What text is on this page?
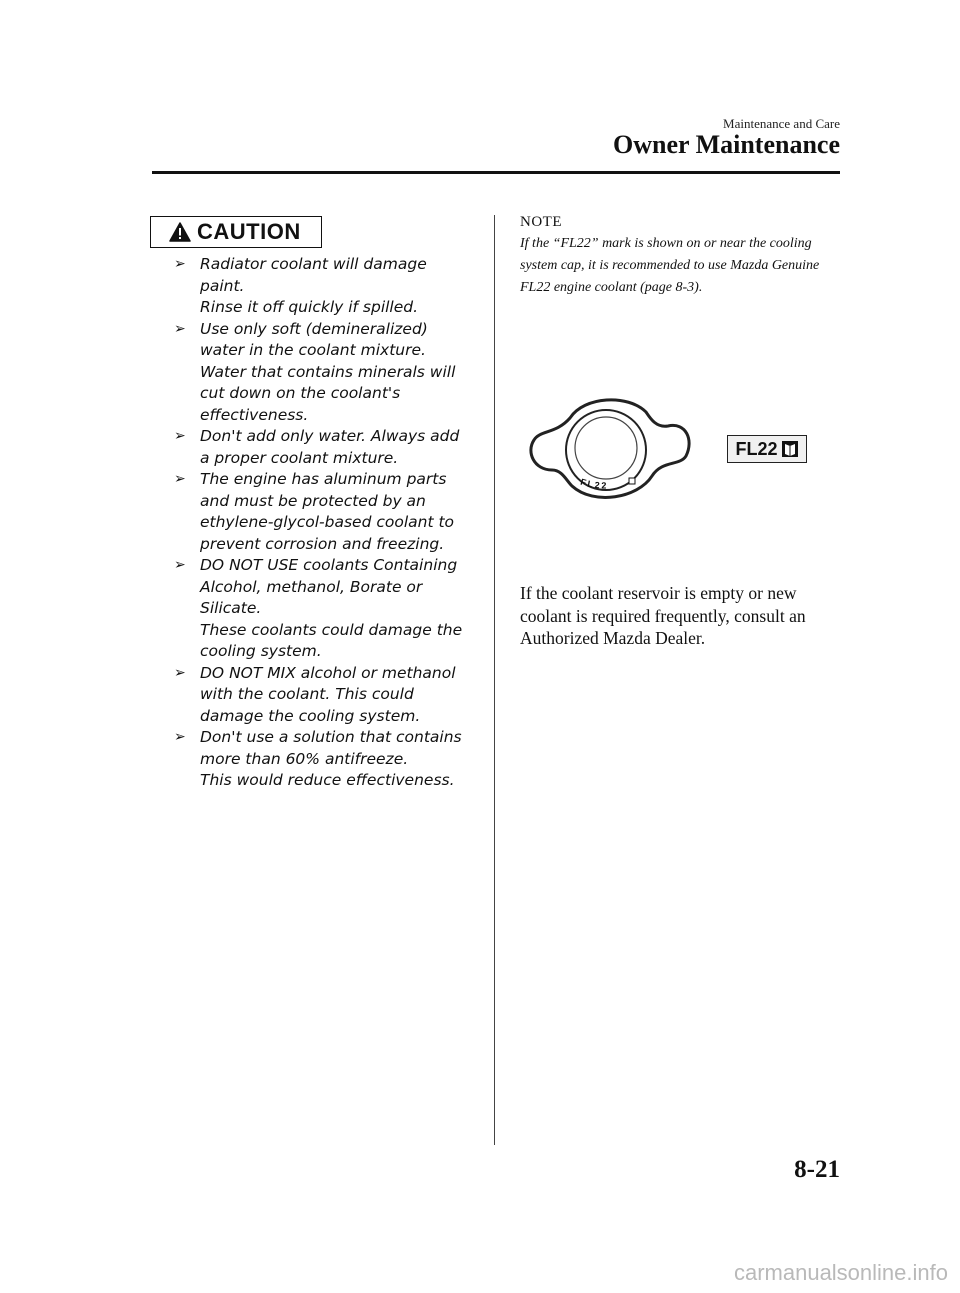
Maintenance and Care
Owner Maintenance
CAUTION
➢ Radiator coolant will damage
paint.
Rinse it off quickly if spilled.
➢ Use only soft (demineralized)
water in the coolant mixture.
Water that contains minerals will
cut down on the coolant's
effectiveness.
➢ Don't add only water. Always add
a proper coolant mixture.
➢ The engine has aluminum parts
and must be protected by an
ethylene-glycol-based coolant to
prevent corrosion and freezing.
➢ DO NOT USE coolants Containing
Alcohol, methanol, Borate or
Silicate.
These coolants could damage the
cooling system.
➢ DO NOT MIX alcohol or methanol
with the coolant. This could
damage the cooling system.
➢ Don't use a solution that contains
more than 60% antifreeze.
This would reduce effectiveness.
NOTE
If the “FL22” mark is shown on or near the cooling system cap, it is recommended to use Mazda Genuine FL22 engine coolant (page 8-3).
FL22
FL22
If the coolant reservoir is empty or new coolant is required frequently, consult an Authorized Mazda Dealer.
8-21
carmanualsonline.info
